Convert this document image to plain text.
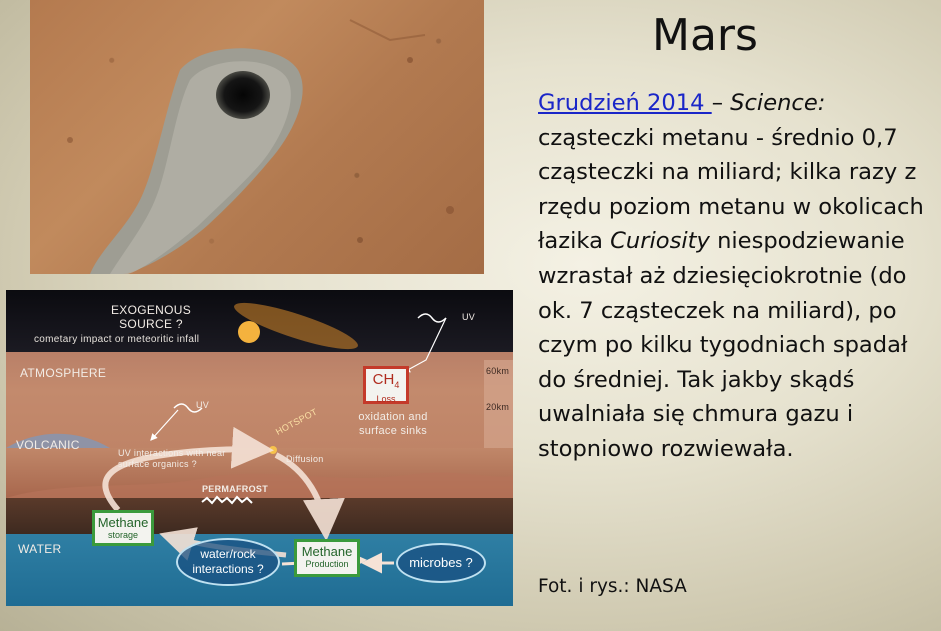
EXOGENOUS
SOURCE ?
cometary impact or meteoritic infall
UV
ATMOSPHERE	60km
20km
$CH_4$
Loss
oxidation and
surface sinks
UV
VOLCANIC
UV interactions with near
surface organics ?
HOTSPOT
Diffusion
PERMAFROST
WATER
Methane
storage
Methane
Production
water/rock
interactions ?	microbes ?
Mars
Grudzień 2014 – Science: cząsteczki metanu - średnio 0,7 cząsteczki na miliard; kilka razy z rzędu poziom metanu w okolicach łazika Curiosity niespodziewanie wzrastał aż dziesięciokrotnie (do ok. 7 cząsteczek na miliard), po czym po kilku tygodniach spadał do średniej. Tak jakby skądś uwalniała się chmura gazu i stopniowo rozwiewała.
Fot. i rys.: NASA
